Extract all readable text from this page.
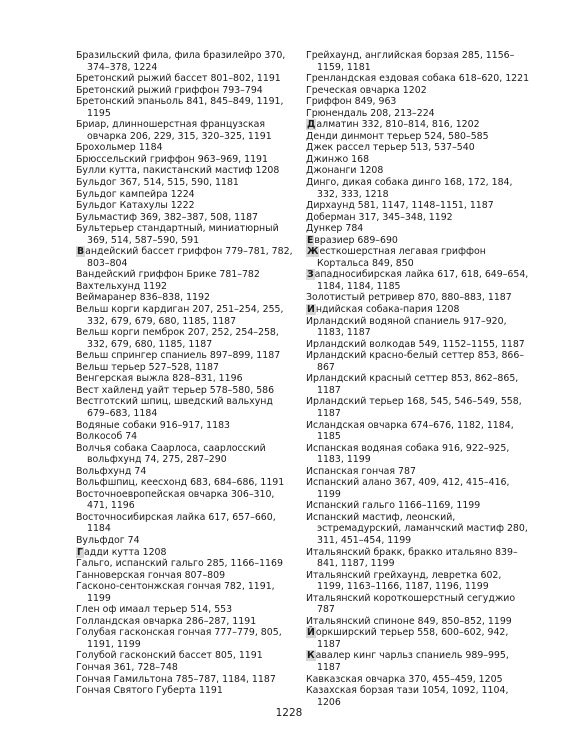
Бразильский фила, фила бразилейро 370, 374–378, 1224

Бретонский рыжий бассет 801–802, 1191

Бретонский рыжий гриффон 793–794

Бретонский эпаньоль 841, 845–849, 1191, 1195

Бриар, длинношерстная французская овчарка 206, 229, 315, 320–325, 1191

Брохольмер 1184

Брюссельский гриффон 963–969, 1191

Булли кутта, пакистанский мастиф 1208

Бульдог 367, 514, 515, 590, 1181

Бульдог кампейра 1224

Бульдог Катахулы 1222

Бульмастиф 369, 382–387, 508, 1187

Бультерьер стандартный, миниатюрный 369, 514, 587–590, 591

Вандейский бассет гриффон 779–781, 782, 803–804

Вандейский гриффон Брике 781–782

Вахтельхунд 1192

Веймаранер 836–838, 1192

Вельш корги кардиган 207, 251–254, 255, 332, 679, 679, 680, 1185, 1187

Вельш корги пемброк 207, 252, 254–258, 332, 679, 680, 1185, 1187

Вельш спрингер спаниель 897–899, 1187

Вельш терьер 527–528, 1187

Венгерская выжла 828–831, 1196

Вест хайленд уайт терьер 578–580, 586

Вестготский шпиц, шведский вальхунд 679–683, 1184

Водяные собаки 916–917, 1183

Волкособ 74

Волчья собака Саарлоса, саарлосский вольфхунд 74, 275, 287–290

Вольфхунд 74

Вольфшпиц, кеесхонд 683, 684–686, 1191

Восточноевропейская овчарка 306–310, 471, 1196

Восточносибирская лайка 617, 657–660, 1184

Вульфдог 74

Гадди кутта 1208

Гальго, испанский гальго 285, 1166–1169

Ганноверская гончая 807–809

Гасконо-сентонжская гончая 782, 1191, 1199

Глен оф имаал терьер 514, 553

Голландская овчарка 286–287, 1191

Голубая гасконская гончая 777–779, 805, 1191, 1199

Голубой гасконский бассет 805, 1191

Гончая 361, 728–748

Гончая Гамильтона 785–787, 1184, 1187

Гончая Святого Губерта 1191

Грейхаунд, английская борзая 285, 1156–1159, 1181

Гренландская ездовая собака 618–620, 1221

Греческая овчарка 1202

Гриффон 849, 963

Грюнендаль 208, 213–224

Далматин 332, 810–814, 816, 1202

Денди динмонт терьер 524, 580–585

Джек рассел терьер 513, 537–540

Джинжо 168

Джонанги 1208

Динго, дикая собака динго 168, 172, 184, 332, 333, 1218

Дирхаунд 581, 1147, 1148–1151, 1187

Доберман 317, 345–348, 1192

Дункер 784

Евразиер 689–690

Жесткошерстная легавая гриффон Кортальса 849, 850

Западносибирская лайка 617, 618, 649–654, 1184, 1184, 1185

Золотистый ретривер 870, 880–883, 1187

Индийская собака-пария 1208

Ирландский водяной спаниель 917–920, 1183, 1187

Ирландский волкодав 549, 1152–1155, 1187

Ирландский красно-белый сеттер 853, 866–867

Ирландский красный сеттер 853, 862–865, 1187

Ирландский терьер 168, 545, 546–549, 558, 1187

Исландская овчарка 674–676, 1182, 1184, 1185

Испанская водяная собака 916, 922–925, 1183, 1199

Испанская гончая 787

Испанский алано 367, 409, 412, 415–416, 1199

Испанский гальго 1166–1169, 1199

Испанский мастиф, леонский, эстремадурский, ламанчский мастиф 280, 311, 451–454, 1199

Итальянский бракк, бракко итальяно 839–841, 1187, 1199

Итальянский грейхаунд, левретка 602, 1199, 1163–1166, 1187, 1196, 1199

Итальянский короткошерстный сегуджио 787

Итальянский спиноне 849, 850–852, 1199

Йоркширский терьер 558, 600–602, 942, 1187

Кавалер кинг чарльз спаниель 989–995, 1187

Кавказская овчарка 370, 455–459, 1205

Казахская борзая тази 1054, 1092, 1104, 1206

1228
